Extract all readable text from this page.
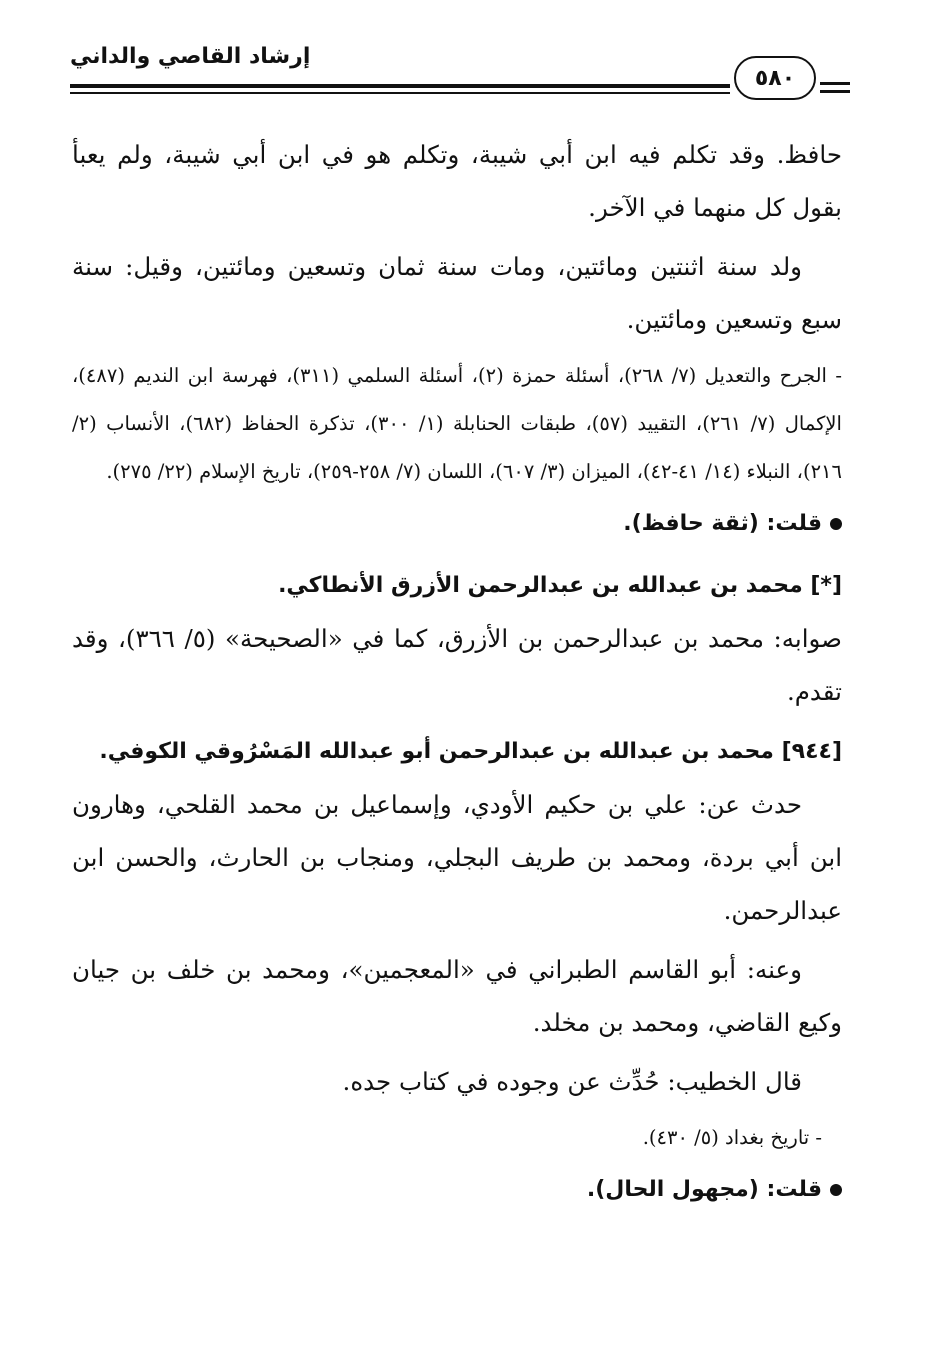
إرشاد القاصي والداني
٥٨٠

حافظ. وقد تكلم فيه ابن أبي شيبة، وتكلم هو في ابن أبي شيبة، ولم يعبأ بقول كل منهما في الآخر.

ولد سنة اثنتين ومائتين، ومات سنة ثمان وتسعين ومائتين، وقيل: سنة سبع وتسعين ومائتين.

- الجرح والتعديل (٧/ ٢٦٨)، أسئلة حمزة (٢)، أسئلة السلمي (٣١١)، فهرسة ابن النديم (٤٨٧)، الإكمال (٧/ ٢٦١)، التقييد (٥٧)، طبقات الحنابلة (١/ ٣٠٠)، تذكرة الحفاظ (٦٨٢)، الأنساب (٢/ ٢١٦)، النبلاء (١٤/ ٤١-٤٢)، الميزان (٣/ ٦٠٧)، اللسان (٧/ ٢٥٨-٢٥٩)، تاريخ الإسلام (٢٢/ ٢٧٥).

قلت: (ثقة حافظ).
[*] محمد بن عبدالله بن عبدالرحمن الأزرق الأنطاكي.

صوابه: محمد بن عبدالرحمن بن الأزرق، كما في «الصحيحة» (٥/ ٣٦٦)، وقد تقدم.

[٩٤٤] محمد بن عبدالله بن عبدالرحمن أبو عبدالله المَسْرُوقي الكوفي.

حدث عن: علي بن حكيم الأودي، وإسماعيل بن محمد القلحي، وهارون ابن أبي بردة، ومحمد بن طريف البجلي، ومنجاب بن الحارث، والحسن ابن عبدالرحمن.

وعنه: أبو القاسم الطبراني في «المعجمين»، ومحمد بن خلف بن جيان وكيع القاضي، ومحمد بن مخلد.

قال الخطيب: حُدِّث عن وجوده في كتاب جده.

- تاريخ بغداد (٥/ ٤٣٠).

قلت: (مجهول الحال).
